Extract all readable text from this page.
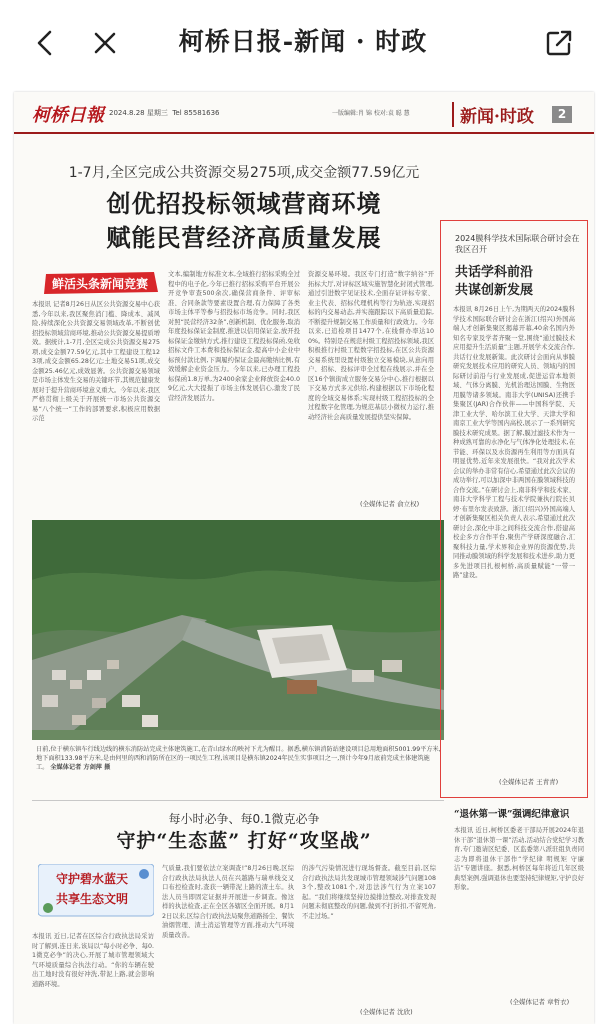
柯桥日报-新闻 · 时政
柯桥日報 2024.8.28 星期三 Tel 85581636	一版编辑:肖 锦 校对:袁 聪 慧	新闻·时政	2
1-7月,全区完成公共资源交易275项,成交金额77.59亿元
创优招投标领域营商环境
赋能民营经济高质量发展
鲜活头条新闻竞赛
本报讯 记者8月26日从区公共资源交易中心获悉,今年以来,我区聚焦消门槛、降成本、减风险,持续深化公共资源交易领域改革,不断创优招投标领域营商环境,推动公共资源交易提质增效。据统计,1-7月,全区完成公共资源交易275项,成交金额77.59亿元,其中工程建设工程123项,成交金额65.28亿元;土地交易51项,成交金额25.46亿元,成效显著。公共资源交易领域是市场主体发生交易的关键环节,其规范健康发展对于提升营商环境意义重大。今年以来,我区严格贯彻上级关于开展统一市场公共资源交易“八个统一”工作的部署要求,积极应用数据示范
文本,编制地方标准文本,全域推行招标采购全过程中的电子化,今年已推行招标采购平台开展公开竞争审查500余次,确保营商条件、评审标准、合同条款等要素设置合理,有力保障了各类市场主体平等参与招投标市场竞争。同时,我区对照“民营经济32条”,创新机制、优化服务,取消年度投标保证金制度,推进以信用保证金,放开投标保证金缴纳方式,推行建设工程投标保函,免收招标文件工本费和投标保证金,提高中小企业中标预付款比例,下调履约保证金最高缴纳比例,有效缓解企业资金压力。今年以来,已办理工程投标保函1.8万单,为2400余家企业释放资金40.09亿元,大大提振了市场主体发展信心,激发了民营经济发展活力。
资源交易环境。我区专门打造“数字纳谷”开拓标大厅,对评标区域实施智慧化封闭式管理,通过引进数字见证技术,全面存证评标专家、业主代表、招标代理机构等行为轨迹,实现招标的内交易动态,并实施跟踪以下高质量追踪,不断提升规制交易工作质量和行政效力。今年以来,已追检项目1477个,在线督办率达100%。特别是在规范村级工程招投标领域,我区积极推行村级工程数字招投标,在区公共资源交易系统里设置村级独立交易模块,从意向用户、招标、投标评审全过程在线展示,并在全区16个镇街成立服务交易分中心,推行根据以下交易方式多元供给,构建根据以下市场化程度的全域交易体系;实现村级工程招投标的全过程数字化管理,为规范基层小微权力运行,推动经济社会高质量发展提供坚实保障。
(全媒体记者 俞立权)
日前,位于横东镇车行线边线的横东消防站完成主体建筑施工,在青山绿水的映衬下尤为醒目。据悉,横东镇消防站建设项目总用地面积5001.99平方米,地下面积133.98平方米,是由何里的西和消防所在区的一项民生工程,该项目是横东镇2024年民生实事项目之一,预计今年9月底前完成主体建筑施工。 全媒体记者 方剑萍 摄
2024膜科学技术国际联合研讨会在我区召开
共话学科前沿
共谋创新发展
本报讯 8月26日上午,为期两天的2024膜科学技术国际联合研讨会在浙江(绍兴)外国高端人才创新集聚区揭幕开幕,40余名国内外知名专家及学者齐聚一堂,围绕“通过膜技术应用提升生活质量”主题,开展学术交流合作,共话行业发展新策。此次研讨会面向从事膜研究发展技术应用的研究人员、领域内的国际研讨前沿与行业发展成,促进运营本地领域、气体分离膜、光机治理达国膜、生物医用膜等诸多领域。南非大学(UNISA)还携手集聚区(JAR)合作伙伴——中国科学院、天津工业大学、哈尔滨工业大学、天津大学和南京工业大学等国内高校,展示了一系列研究膜技术研究成果。据了解,膜过滤技术作为一种成熟可靠的水净化与气体净化处理技术,在节能、环保以及水资源再生利用等方面具有明显优势,近年来发展很快。“我对此次学术会议的举办非常有信心,希望通过此次会议的成功举行,可以加深中非两国在膜领域科技的合作交流。”在研讨会上,南非科学和技术家、南非大学科学工程与技术学院兼执行院长贝婷·布里尔发表致辞。浙江(绍兴)外国高端人才创新集聚区相关负责人表示,希望通过此次研讨会,深化中非之间科技交流合作,搭建高校企多方合作平台,聚焦产学研深度融合,汇聚科技力量,学术界和企业界的资源优势,共同推动膜领域的科学发展和技术进步,助力更多先进项目扎根柯桥,高质量赋能“一带一路”建设。
(全媒体记者 王青青)
每小时必争、每0.1微克必争
守护“生态蓝” 打好“攻坚战”
守护碧水蓝天
共享生态文明
本报讯 近日,记者在区综合行政执法局采访时了解到,连日来,该局以“每小时必争、每0.1微克必争”的决心,开展了城市管理领域大气环境质量综合执法行动。“你的车辆在驶出工地时没有很好冲洗,带泥上路,就会影响道路环境。
气质量,我们要依法立案调查!”8月26日晚,区综合行政执法局执法人员在兴越路与瑞单线交叉口布控检查时,查获一辆带泥上路的渣土车。执法人员当即固定证据并开展进一步调查。像这样的执法检查,正在全区各辖区全面开展。8月12日以来,区综合行政执法局聚焦道路扬尘、餐饮油烟管理、渣土消运管理等方面,推动大气环境质量改善。
的涉气污染情况进行现场督查。截至目前,区综合行政执法局共发现城市管理领域涉气问题1083个,整改1081个,对违法涉气行为立案107起。“我们将继续坚持边摸排边整改,对排查发现问题未彻底整改的问题,做到不打折扣,不留死角,不走过场。”
(全媒体记者 沈欣)
“退休第一课”强调纪律意识
本报讯 近日,柯桥区委老干部局开展2024年退休干部“退休第一课”活动,活动结合党纪学习教育,专门邀请区纪委、区监委第八派驻组负责同志为即将退休干部作“学纪律 明规矩 守廉洁”专题讲座。据悉,柯桥区每年将近几年区级典型案例,强调退休也要坚持纪律规矩,守护良好形象。
(全媒体记者 章哲衣)
